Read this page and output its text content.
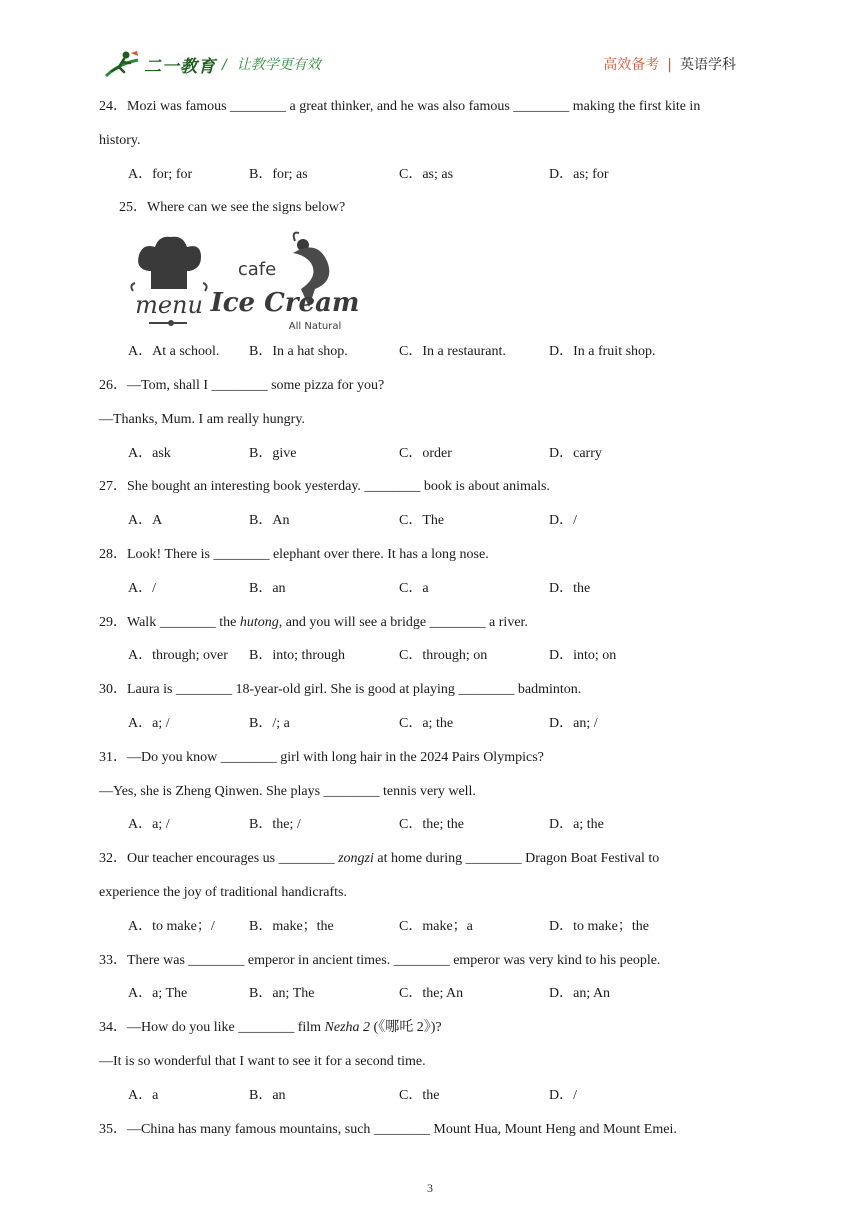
二一教育 / 让教学更有效	高效备考 | 英语学科
24．Mozi was famous ________ a great thinker, and he was also famous ________ making the first kite in
history.
A．for; for	B．for; as	C．as; as	D．as; for
25．Where can we see the signs below?
menu
cafe
Ice Cream
All Natural
A．At a school.	B．In a hat shop.	C．In a restaurant.	D．In a fruit shop.
26．—Tom, shall I ________ some pizza for you?
—Thanks, Mum. I am really hungry.
A．ask	B．give	C．order	D．carry
27．She bought an interesting book yesterday. ________ book is about animals.
A．A	B．An	C．The	D．/
28．Look! There is ________ elephant over there. It has a long nose.
A．/	B．an	C．a	D．the
29．Walk ________ the hutong, and you will see a bridge ________ a river.
A．through; over	B．into; through	C．through; on	D．into; on
30．Laura is ________ 18-year-old girl. She is good at playing ________ badminton.
A．a; /	B．/; a	C．a; the	D．an; /
31．—Do you know ________ girl with long hair in the 2024 Pairs Olympics?
—Yes, she is Zheng Qinwen. She plays ________ tennis very well.
A．a; /	B．the; /	C．the; the	D．a; the
32．Our teacher encourages us ________ zongzi at home during ________ Dragon Boat Festival to
experience the joy of traditional handicrafts.
A．to make；/	B．make；the	C．make；a	D．to make；the
33．There was ________ emperor in ancient times. ________ emperor was very kind to his people.
A．a; The	B．an; The	C．the; An	D．an; An
34．—How do you like ________ film Nezha 2 (《哪吒 2》)?
—It is so wonderful that I want to see it for a second time.
A．a	B．an	C．the	D．/
35．—China has many famous mountains, such ________ Mount Hua, Mount Heng and Mount Emei.
3
